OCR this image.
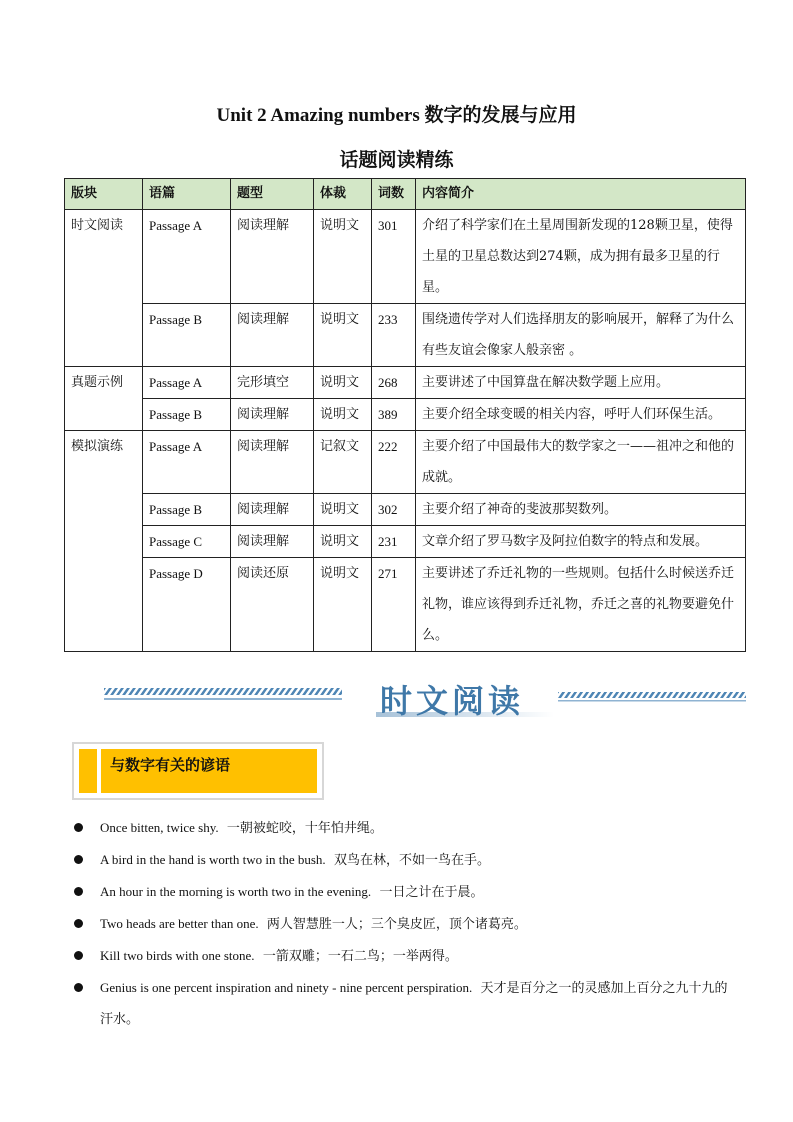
Unit 2 Amazing numbers 数字的发展与应用
话题阅读精练
版块	语篇	题型	体裁	词数	内容简介
时文阅读	Passage A	阅读理解	说明文	301	介绍了科学家们在土星周围新发现的128颗卫星，使得土星的卫星总数达到274颗，成为拥有最多卫星的行星。
	Passage B	阅读理解	说明文	233	围绕遗传学对人们选择朋友的影响展开，解释了为什么有些友谊会像家人般亲密 。
真题示例	Passage A	完形填空	说明文	268	主要讲述了中国算盘在解决数学题上应用。
	Passage B	阅读理解	说明文	389	主要介绍全球变暖的相关内容，呼吁人们环保生活。
模拟演练	Passage A	阅读理解	记叙文	222	主要介绍了中国最伟大的数学家之一——祖冲之和他的成就。
	Passage B	阅读理解	说明文	302	主要介绍了神奇的斐波那契数列。
	Passage C	阅读理解	说明文	231	文章介绍了罗马数字及阿拉伯数字的特点和发展。
	Passage D	阅读还原	说明文	271	主要讲述了乔迁礼物的一些规则。包括什么时候送乔迁礼物，谁应该得到乔迁礼物，乔迁之喜的礼物要避免什么。
时文阅读
与数字有关的谚语
Once bitten, twice shy. 一朝被蛇咬，十年怕井绳。
A bird in the hand is worth two in the bush. 双鸟在林，不如一鸟在手。
An hour in the morning is worth two in the evening. 一日之计在于晨。
Two heads are better than one. 两人智慧胜一人；三个臭皮匠，顶个诸葛亮。
Kill two birds with one stone. 一箭双雕；一石二鸟；一举两得。
Genius is one percent inspiration and ninety - nine percent perspiration. 天才是百分之一的灵感加上百分之九十九的汗水。
